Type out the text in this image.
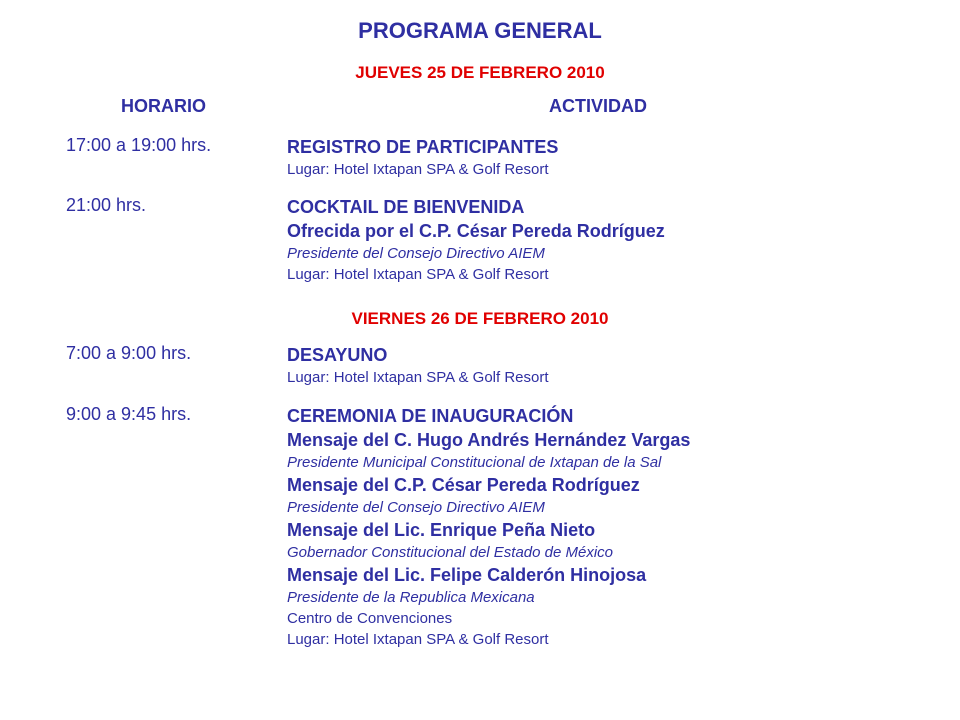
PROGRAMA GENERAL
JUEVES 25 DE FEBRERO 2010
HORARIO	ACTIVIDAD
17:00 a 19:00 hrs.	REGISTRO DE PARTICIPANTES
Lugar: Hotel Ixtapan SPA & Golf Resort
21:00 hrs.	COCKTAIL DE BIENVENIDA
Ofrecida por el C.P. César Pereda Rodríguez
Presidente del Consejo Directivo AIEM
Lugar: Hotel Ixtapan SPA & Golf Resort
VIERNES 26 DE FEBRERO 2010
7:00 a 9:00 hrs.	DESAYUNO
Lugar: Hotel Ixtapan SPA & Golf Resort
9:00 a 9:45 hrs.	CEREMONIA DE INAUGURACIÓN
Mensaje del C. Hugo Andrés Hernández Vargas
Presidente Municipal Constitucional de Ixtapan de la Sal
Mensaje del C.P. César Pereda Rodríguez
Presidente del Consejo Directivo AIEM
Mensaje del Lic. Enrique Peña Nieto
Gobernador Constitucional del Estado de México
Mensaje del Lic. Felipe Calderón Hinojosa
Presidente de la Republica Mexicana
Centro de Convenciones
Lugar: Hotel Ixtapan SPA & Golf Resort
